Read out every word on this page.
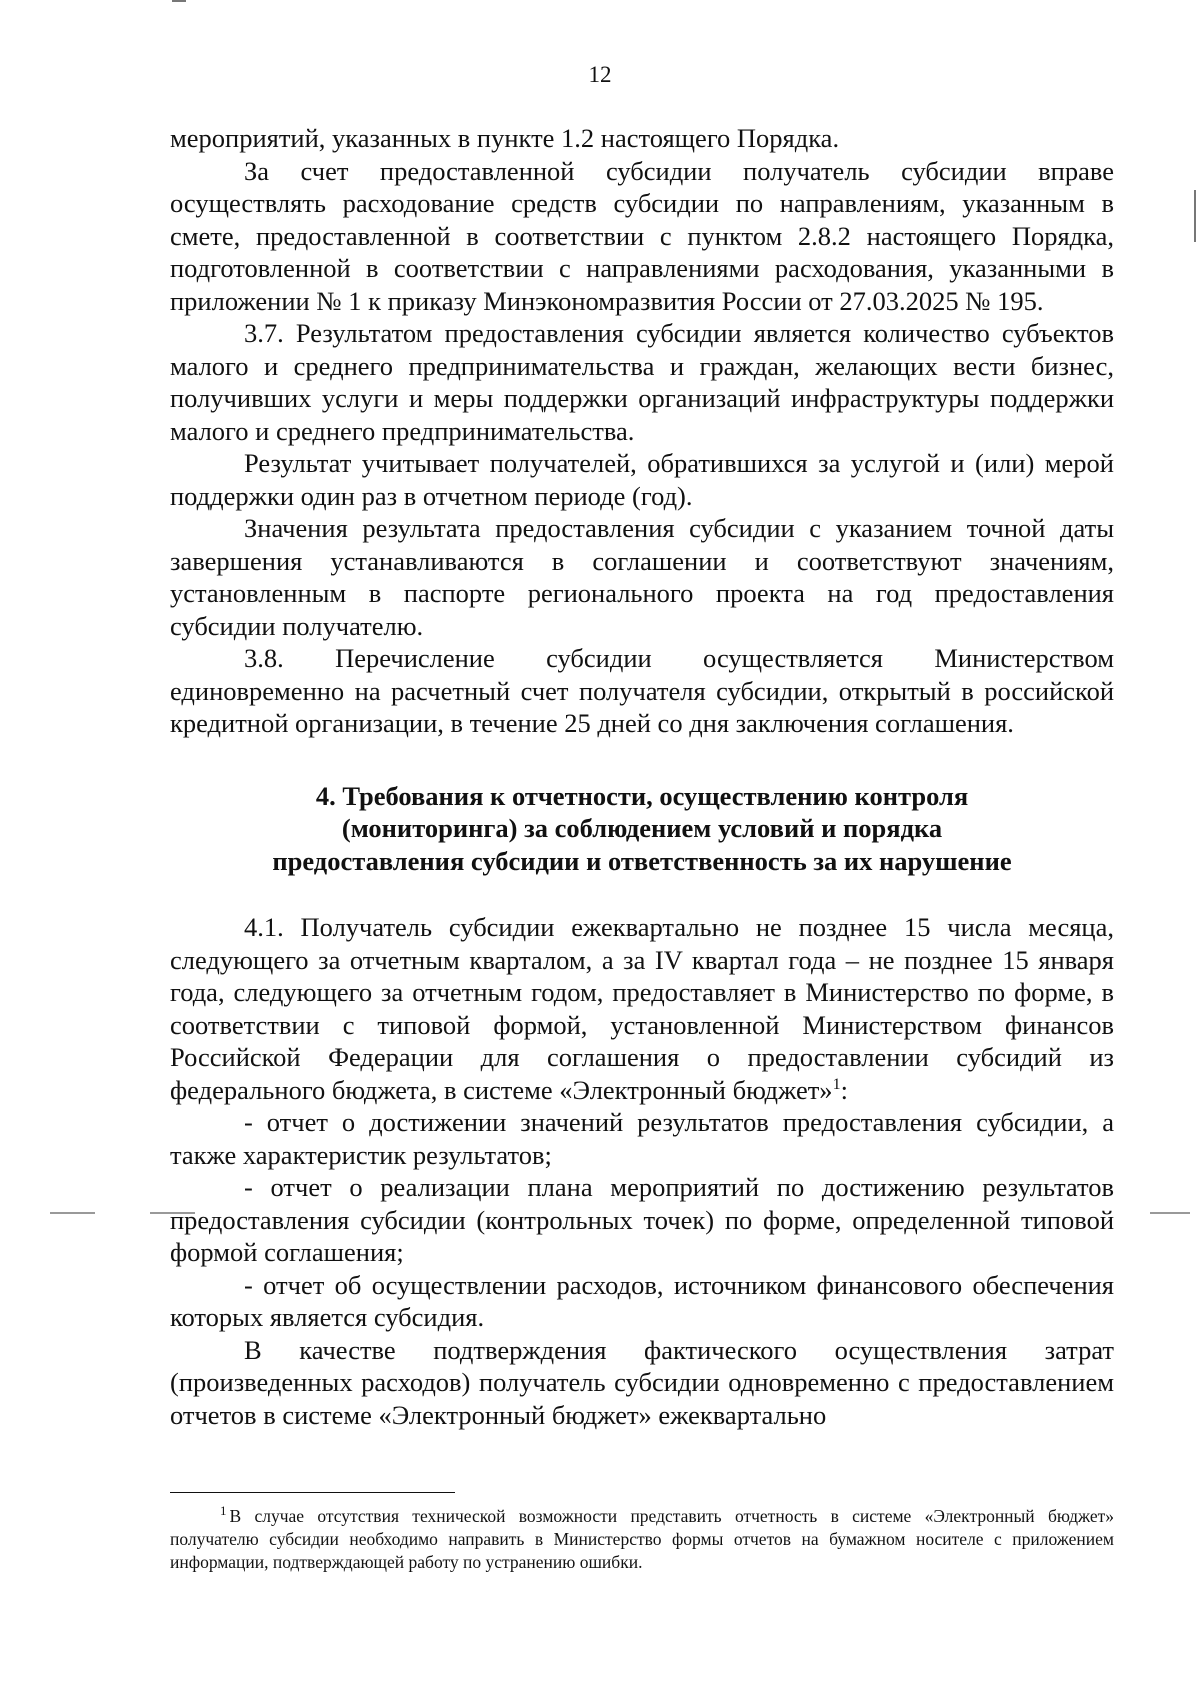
12

мероприятий, указанных в пункте 1.2 настоящего Порядка.

За счет предоставленной субсидии получатель субсидии вправе осуществлять расходование средств субсидии по направлениям, указанным в смете, предоставленной в соответствии с пунктом 2.8.2 настоящего Порядка, подготовленной в соответствии с направлениями расходования, указанными в приложении № 1 к приказу Минэкономразвития России от 27.03.2025 № 195.

3.7. Результатом предоставления субсидии является количество субъектов малого и среднего предпринимательства и граждан, желающих вести бизнес, получивших услуги и меры поддержки организаций инфраструктуры поддержки малого и среднего предпринимательства.

Результат учитывает получателей, обратившихся за услугой и (или) мерой поддержки один раз в отчетном периоде (год).

Значения результата предоставления субсидии с указанием точной даты завершения устанавливаются в соглашении и соответствуют значениям, установленным в паспорте регионального проекта на год предоставления субсидии получателю.

3.8. Перечисление субсидии осуществляется Министерством единовременно на расчетный счет получателя субсидии, открытый в российской кредитной организации, в течение 25 дней со дня заключения соглашения.

4. Требования к отчетности, осуществлению контроля
(мониторинга) за соблюдением условий и порядка
предоставления субсидии и ответственность за их нарушение

4.1. Получатель субсидии ежеквартально не позднее 15 числа месяца, следующего за отчетным кварталом, а за IV квартал года – не позднее 15 января года, следующего за отчетным годом, предоставляет в Министерство по форме, в соответствии с типовой формой, установленной Министерством финансов Российской Федерации для соглашения о предоставлении субсидий из федерального бюджета, в системе «Электронный бюджет»$^1$:

- отчет о достижении значений результатов предоставления субсидии, а также характеристик результатов;

- отчет о реализации плана мероприятий по достижению результатов предоставления субсидии (контрольных точек) по форме, определенной типовой формой соглашения;

- отчет об осуществлении расходов, источником финансового обеспечения которых является субсидия.

В качестве подтверждения фактического осуществления затрат (произведенных расходов) получатель субсидии одновременно с предоставлением отчетов в системе «Электронный бюджет» ежеквартально

$^1$ В случае отсутствия технической возможности представить отчетность в системе «Электронный бюджет» получателю субсидии необходимо направить в Министерство формы отчетов на бумажном носителе с приложением информации, подтверждающей работу по устранению ошибки.
